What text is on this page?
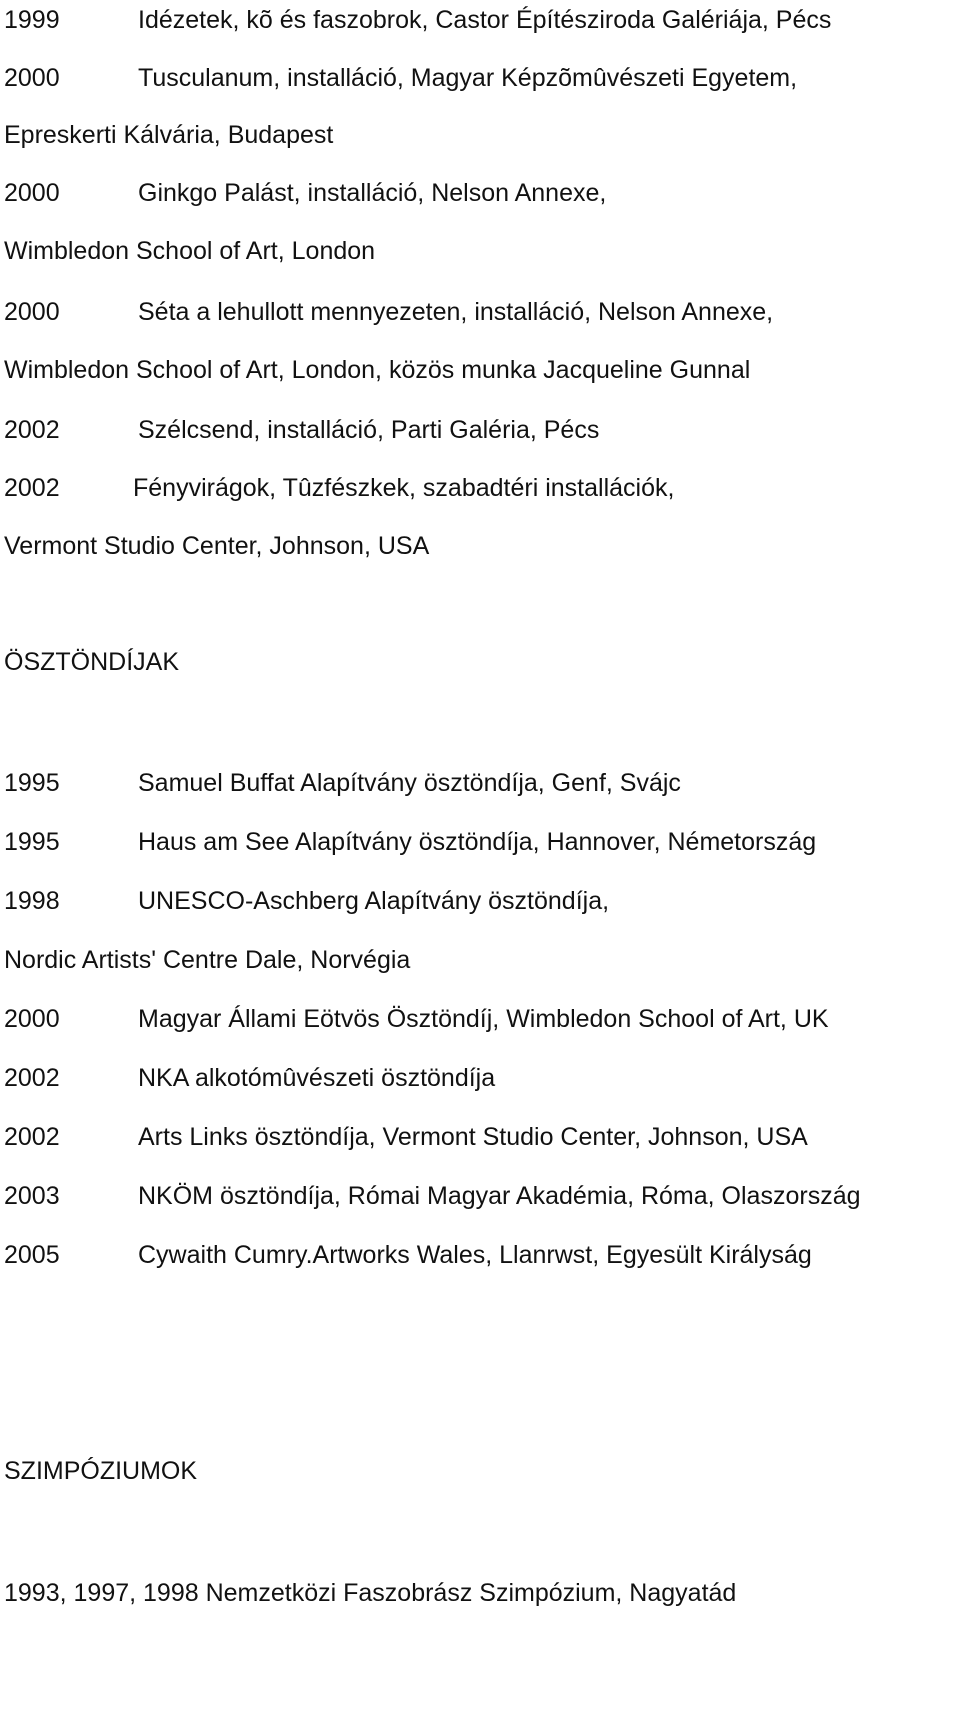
1999	Idézetek, kõ és faszobrok, Castor Építésziroda Galériája, Pécs
2000	Tusculanum, installáció, Magyar Képzõmûvészeti Egyetem,
Epreskerti Kálvária, Budapest
2000	Ginkgo Palást, installáció, Nelson Annexe,
Wimbledon School of Art, London
2000	Séta a lehullott mennyezeten, installáció, Nelson Annexe,
Wimbledon School of Art, London, közös munka Jacqueline Gunnal
2002	Szélcsend, installáció, Parti Galéria, Pécs
2002	Fényvirágok, Tûzfészkek, szabadtéri installációk,
Vermont Studio Center, Johnson, USA
ÖSZTÖNDÍJAK
1995	Samuel Buffat Alapítvány ösztöndíja, Genf, Svájc
1995	Haus am See Alapítvány ösztöndíja, Hannover, Németország
1998	UNESCO-Aschberg Alapítvány ösztöndíja,
Nordic Artists' Centre Dale, Norvégia
2000	Magyar Állami Eötvös Ösztöndíj, Wimbledon School of Art, UK
2002	NKA alkotómûvészeti ösztöndíja
2002	Arts Links ösztöndíja, Vermont Studio Center, Johnson, USA
2003	NKÖM ösztöndíja, Római Magyar Akadémia, Róma, Olaszország
2005	Cywaith Cumry.Artworks Wales, Llanrwst, Egyesült Királyság
SZIMPÓZIUMOK
1993, 1997, 1998 Nemzetközi Faszobrász Szimpózium, Nagyatád
